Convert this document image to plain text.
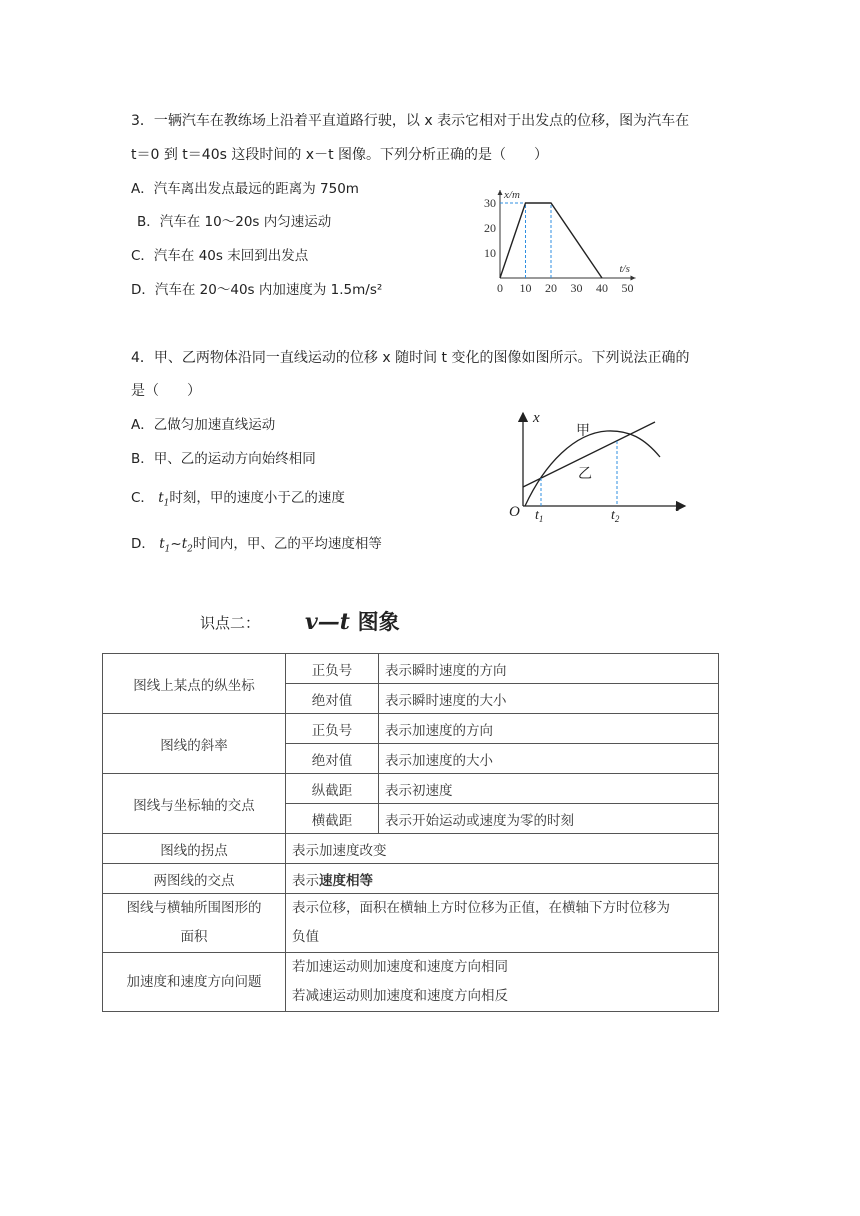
3．一辆汽车在教练场上沿着平直道路行驶，以 x 表示它相对于出发点的位移，图为汽车在
t＝0 到 t＝40s 这段时间的 x－t 图像。下列分析正确的是（　　）
A．汽车离出发点最远的距离为 750m
B．汽车在 10～20s 内匀速运动
C．汽车在 40s 末回到出发点
D．汽车在 20～40s 内加速度为 1.5m/s²
x/m
t/s
0 10 20 30 40 50
10
20
30
4．甲、乙两物体沿同一直线运动的位移 x 随时间 t 变化的图像如图所示。下列说法正确的
是（　　）
A．乙做匀加速直线运动
B．甲、乙的运动方向始终相同
C． $t_1$时刻，甲的速度小于乙的速度
D． $t_1\sim t_2$时间内，甲、乙的平均速度相等
x
t
O
甲
乙
$t_1$	$t_2$
识点二： v—t 图象
图线上某点的纵坐标	正负号	表示瞬时速度的方向
	绝对值	表示瞬时速度的大小
图线的斜率	正负号	表示加速度的方向
	绝对值	表示加速度的大小
图线与坐标轴的交点	纵截距	表示初速度
	横截距	表示开始运动或速度为零的时刻
图线的拐点	表示加速度改变	
两图线的交点	表示速度相等	
图线与横轴所围图形的
面积	表示位移，面积在横轴上方时位移为正值，在横轴下方时位移为
负值	
加速度和速度方向问题	若加速运动则加速度和速度方向相同
若减速运动则加速度和速度方向相反	
